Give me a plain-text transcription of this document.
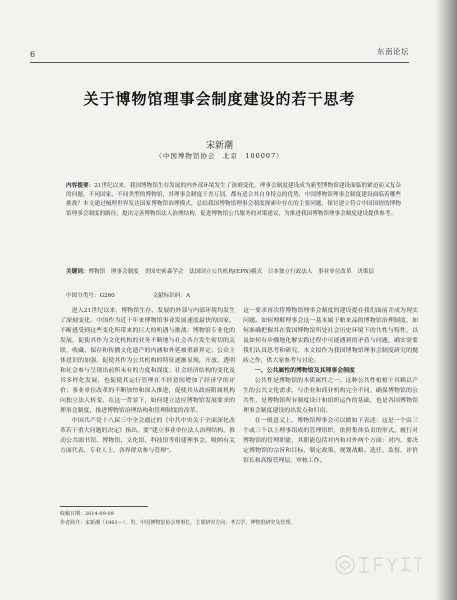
6	东南论坛
关于博物馆理事会制度建设的若干思考
宋新潮
（中国博物馆协会　北京　100007）
内容提要：21世纪以来，我国博物馆生存发展的内外部环境发生了深刻变化，理事会制度建设成为新型博物馆建设面临的紧迫而又复杂的问题。不同国家、不同类型的博物馆，其理事会制度千差万别，都有适合其自身特点的优势，中国博物馆理事会制度建设面临着哪些挑战？本文通过梳理世界发达国家博物馆治理模式，总结我国博物馆理事会制度探索中存在的主要问题，探讨建立符合中国国情的博物馆理事会制度的路径，提出完善博物馆法人治理结构、促进博物馆公共服务的对策建议，为推进我国博物馆理事会制度建设提供参考。
关键词：博物馆　理事会制度　美国史密森学会　法国国立公共机构(EPN)模式　日本独立行政法人　事业单位改革　决策层
中图分类号：G260	文献标识码：A

进入21世纪以来，博物馆生存、发展的外部与内部环境均发生了深刻变化。中国作为近十年来博物馆事业发展速度最快的国家，不断感受到这些变化所带来的巨大的机遇与挑战：博物馆专业化的发展，促使其作为文化机构的业务不断地与社会各方发生密切的关联，收藏、保存和传播文化遗产的内涵和外延被重新界定；公众主体意识的加强，促使其作为公共机构的特征逐渐显现，开放、透明和社会参与呈现出前所未有的力度和深度；社会经济结构的变化及其多样化发展，也促使其运行管理在不经意间增加了经济学的评价；事业单位改革的不断加快和深入推进，促使其从政府附属机构向独立法人转变。在这一背景下，如何建立适应博物馆发展要求的理事会制度，推进博物馆治理结构和管理制度的改革。

中国共产党十八届三中全会通过的《中共中央关于全面深化改革若干重大问题的决定》指出，要“建立事业单位法人治理结构，推动公共图书馆、博物馆、文化馆、科技馆等组建理事会，吸纳有关方面代表、专业人士、各界群众参与管理”。

这一要求再次将博物馆理事会制度的建设提在我们面前并成为现实问题。如何理解理事会这一基本属于舶来品的博物馆治理制度，如何准确把握其在我国博物馆所处社会历史环境下的共性与特性，以及如何有步骤地化解实践过程中可能遇到的矛盾与问题，确实需要我们认真思考和研究。本文拟作为我国博物馆理事会制度研究的抛砖之作，供大家参考与讨论。

一、公共属性的博物馆及其理事会制度

公共性是博物馆的本质属性之一。这种公共性根植于其赖以产生的公共文化需求，与企业和商业机构完全不同，确保博物馆的公共性，是博物馆所有制度设计和组织运作的基础，也是各国博物馆理事会制度建设的出发点和归宿。

在一般意义上，博物馆理事会可以做如下表述：这是一个由三个或三个以上理事组成的管理组织，依照集体负责的形式，履行对博物馆的管理职能，其职能包括对内和对外两个方面：对内，要决定博物馆的宗旨和目标，制定政策、规划战略、选任、监督、评价馆长和高级管理层，审核工作。

收稿日期：2014-09-09
作者简介：宋新潮（1961—），男，中国博物馆协会理事长，主要研究方向：考古学、博物馆研究及管理。
